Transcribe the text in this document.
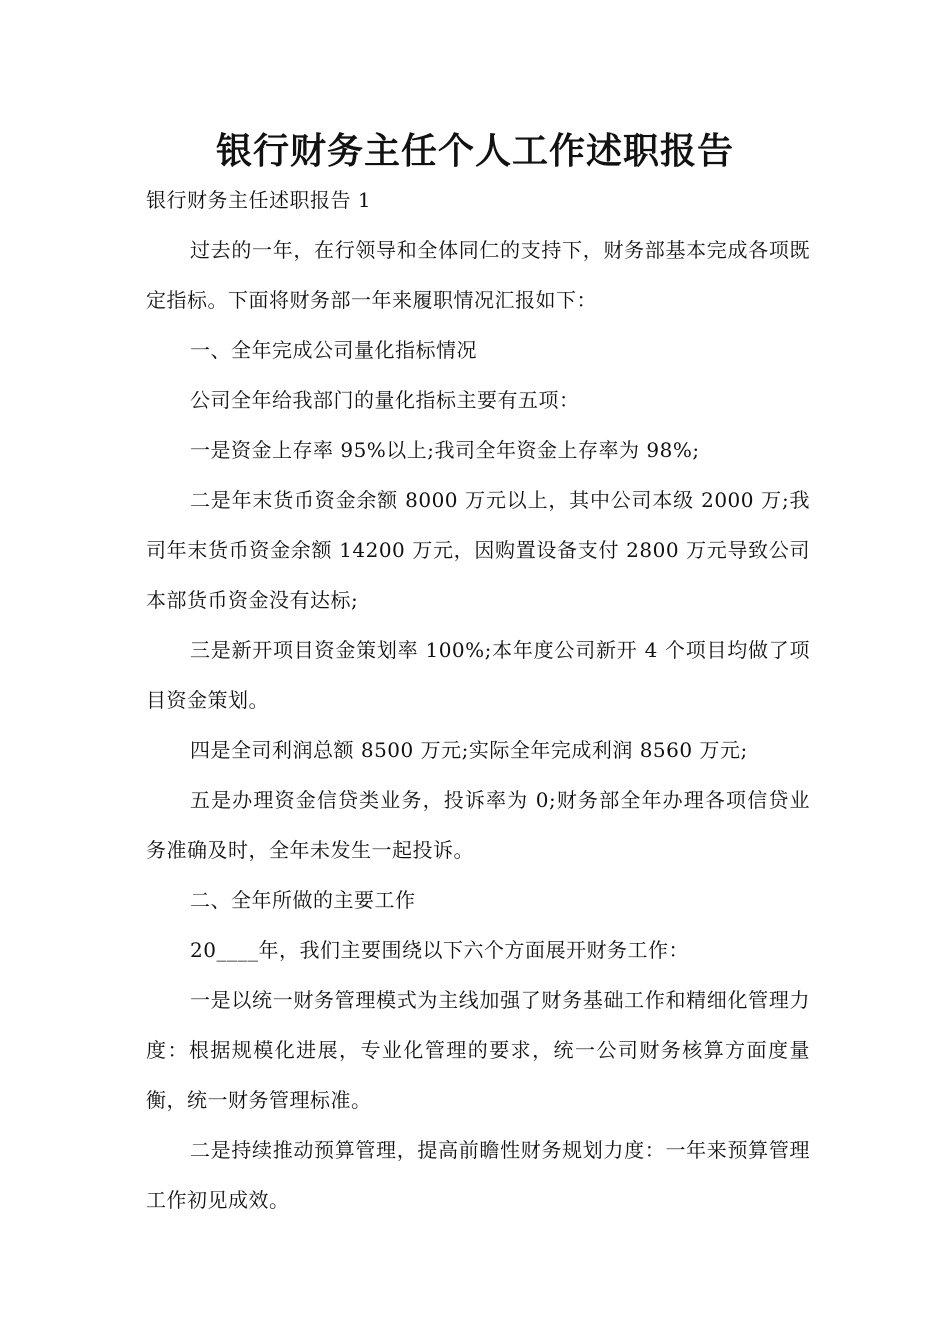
银行财务主任个人工作述职报告

银行财务主任述职报告 1

过去的一年，在行领导和全体同仁的支持下，财务部基本完成各项既定指标。下面将财务部一年来履职情况汇报如下：

一、全年完成公司量化指标情况

公司全年给我部门的量化指标主要有五项：

一是资金上存率 95%以上;我司全年资金上存率为 98%;

二是年末货币资金余额 8000 万元以上，其中公司本级 2000 万;我司年末货币资金余额 14200 万元，因购置设备支付 2800 万元导致公司本部货币资金没有达标;

三是新开项目资金策划率 100%;本年度公司新开 4 个项目均做了项目资金策划。

四是全司利润总额 8500 万元;实际全年完成利润 8560 万元;

五是办理资金信贷类业务，投诉率为 0;财务部全年办理各项信贷业务准确及时，全年未发生一起投诉。

二、全年所做的主要工作

20____年，我们主要围绕以下六个方面展开财务工作：

一是以统一财务管理模式为主线加强了财务基础工作和精细化管理力度：根据规模化进展，专业化管理的要求，统一公司财务核算方面度量衡，统一财务管理标准。

二是持续推动预算管理，提高前瞻性财务规划力度：一年来预算管理工作初见成效。
